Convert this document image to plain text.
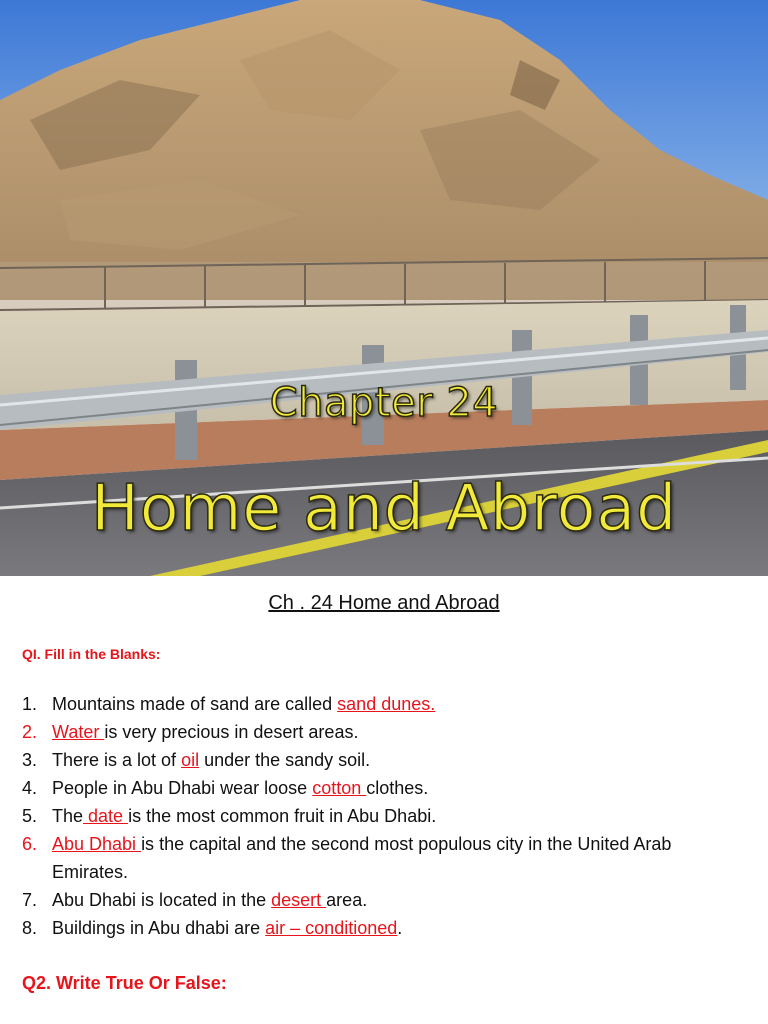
Chapter 24
Home and Abroad
Ch . 24 Home and Abroad
QI. Fill in the Blanks:
1. Mountains made of sand are called sand dunes.
2. Water is very precious in desert areas.
3. There is a lot of oil under the sandy soil.
4. People in Abu Dhabi wear loose cotton clothes.
5. The date is the most common fruit in Abu Dhabi.
6. Abu Dhabi is the capital and the second most populous city in the United Arab Emirates.
7. Abu Dhabi is located in the desert area.
8. Buildings in Abu dhabi are air – conditioned.
Q2. Write True Or False:
